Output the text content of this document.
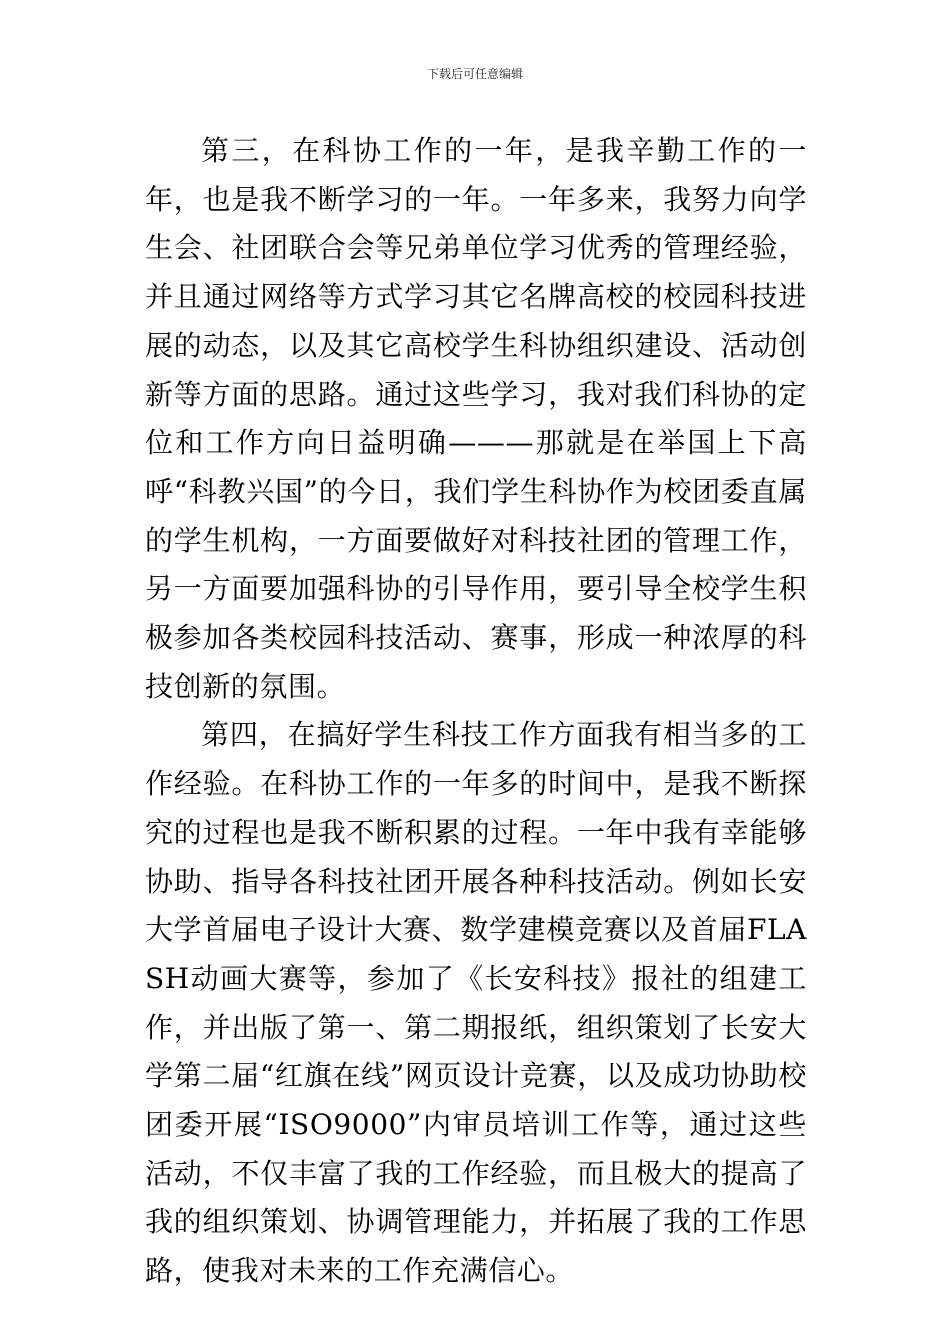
下载后可任意编辑

第三，在科协工作的一年，是我辛勤工作的一年，也是我不断学习的一年。一年多来，我努力向学生会、社团联合会等兄弟单位学习优秀的管理经验，并且通过网络等方式学习其它名牌高校的校园科技进展的动态，以及其它高校学生科协组织建设、活动创新等方面的思路。通过这些学习，我对我们科协的定位和工作方向日益明确———那就是在举国上下高呼“科教兴国”的今日，我们学生科协作为校团委直属的学生机构，一方面要做好对科技社团的管理工作，另一方面要加强科协的引导作用，要引导全校学生积极参加各类校园科技活动、赛事，形成一种浓厚的科技创新的氛围。

第四，在搞好学生科技工作方面我有相当多的工作经验。在科协工作的一年多的时间中，是我不断探究的过程也是我不断积累的过程。一年中我有幸能够协助、指导各科技社团开展各种科技活动。例如长安大学首届电子设计大赛、数学建模竞赛以及首届FLASH动画大赛等，参加了《长安科技》报社的组建工作，并出版了第一、第二期报纸，组织策划了长安大学第二届“红旗在线”网页设计竞赛，以及成功协助校团委开展“ISO9000”内审员培训工作等，通过这些活动，不仅丰富了我的工作经验，而且极大的提高了我的组织策划、协调管理能力，并拓展了我的工作思路，使我对未来的工作充满信心。
